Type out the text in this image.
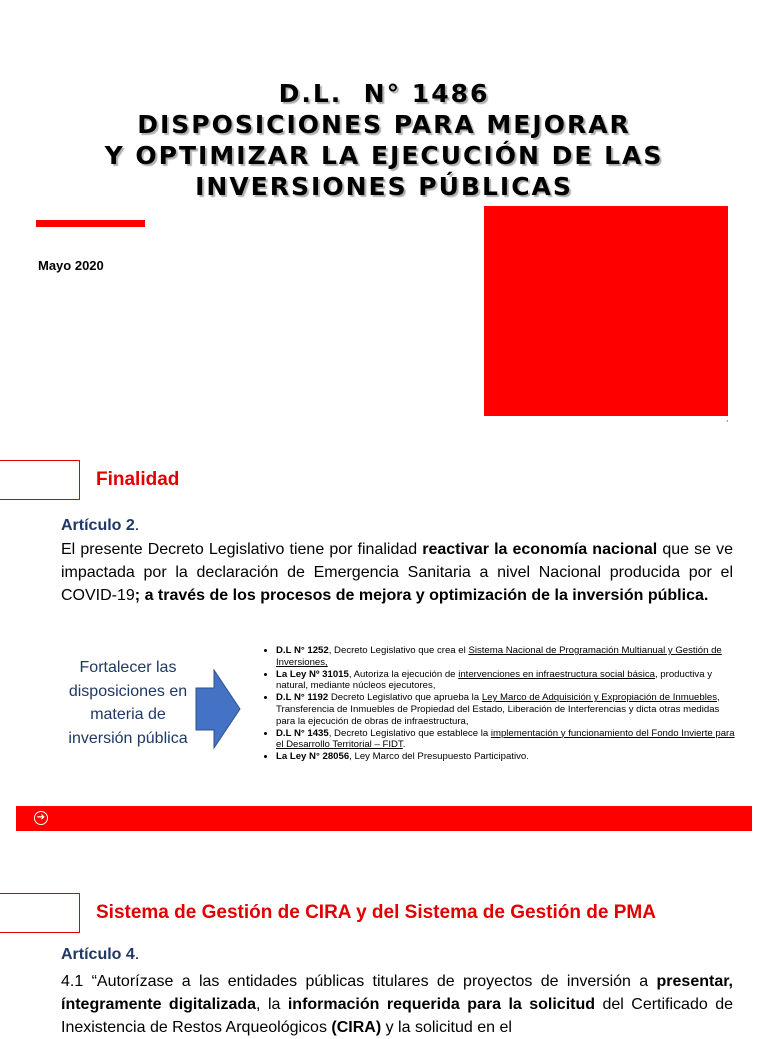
D.L.  N° 1486
DISPOSICIONES PARA MEJORAR
Y OPTIMIZAR LA EJECUCIÓN DE LAS
INVERSIONES PÚBLICAS
Mayo 2020
,
Finalidad
Artículo 2.
El presente Decreto Legislativo tiene por finalidad reactivar la economía nacional que se ve impactada por la declaración de Emergencia Sanitaria a nivel Nacional producida por el COVID-19; a través de los procesos de mejora y optimización de la inversión pública.
Fortalecer las disposiciones en materia de inversión pública
• D.L N° 1252, Decreto Legislativo que crea el Sistema Nacional de Programación Multianual y Gestión de Inversiones,
• La Ley Nº 31015, Autoriza la ejecución de intervenciones en infraestructura social básica, productiva y natural, mediante núcleos ejecutores,
• D.L N° 1192 Decreto Legislativo que aprueba la Ley Marco de Adquisición y Expropiación de Inmuebles, Transferencia de Inmuebles de Propiedad del Estado, Liberación de Interferencias y dicta otras medidas para la ejecución de obras de infraestructura,
• D.L N° 1435, Decreto Legislativo que establece la implementación y funcionamiento del Fondo Invierte para el Desarrollo Territorial – FIDT.
• La Ley N° 28056, Ley Marco del Presupuesto Participativo.
➔
Sistema de Gestión de CIRA y del Sistema de Gestión de PMA
Artículo 4.
4.1 “Autorízase a las entidades públicas titulares de proyectos de inversión a presentar, íntegramente digitalizada, la información requerida para la solicitud del Certificado de Inexistencia de Restos Arqueológicos (CIRA) y la solicitud en el
